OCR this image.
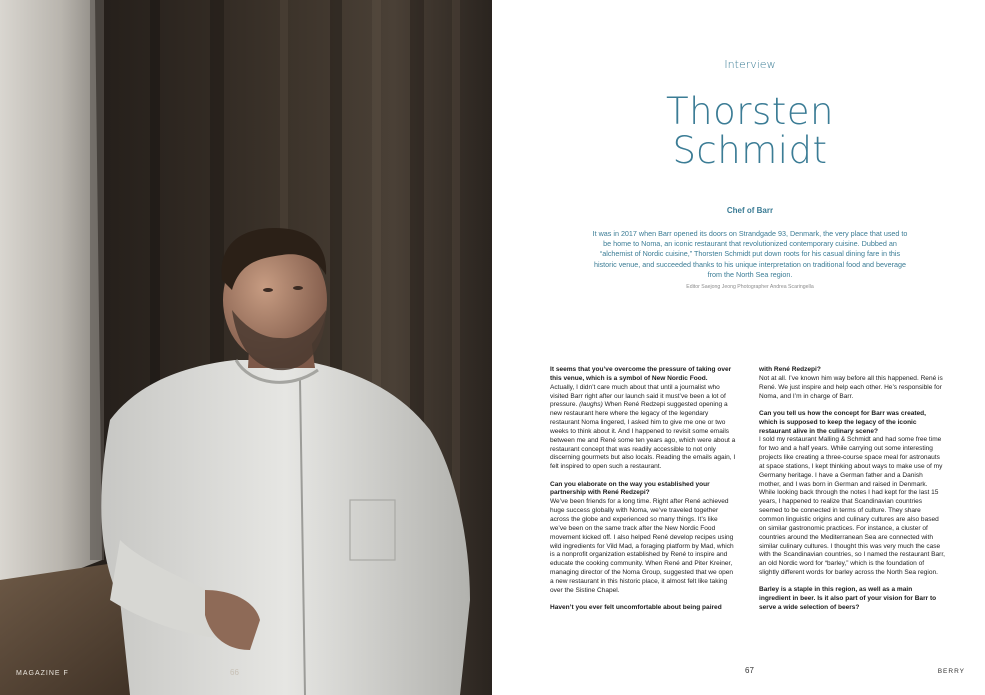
MAGAZINE F	66
Interview
Thorsten
Schmidt
Chef of Barr
It was in 2017 when Barr opened its doors on Strandgade 93, Denmark, the very place that used to be home to Noma, an iconic restaurant that revolutionized contemporary cuisine. Dubbed an “alchemist of Nordic cuisine,” Thorsten Schmidt put down roots for his casual dining fare in this historic venue, and succeeded thanks to his unique interpretation on traditional food and beverage from the North Sea region.
Editor Saejong Jeong Photographer Andrea Scaringella

It seems that you’ve overcome the pressure of taking over this venue, which is a symbol of New Nordic Food.

Actually, I didn’t care much about that until a journalist who visited Barr right after our launch said it must’ve been a lot of pressure. (laughs) When René Redzepi suggested opening a new restaurant here where the legacy of the legendary restaurant Noma lingered, I asked him to give me one or two weeks to think about it. And I happened to revisit some emails between me and René some ten years ago, which were about a restaurant concept that was readily accessible to not only discerning gourmets but also locals. Reading the emails again, I felt inspired to open such a restaurant.

Can you elaborate on the way you established your partnership with René Redzepi?

We’ve been friends for a long time. Right after René achieved huge success globally with Noma, we’ve traveled together across the globe and experienced so many things. It’s like we’ve been on the same track after the New Nordic Food movement kicked off. I also helped René develop recipes using wild ingredients for Vild Mad, a foraging platform by Mad, which is a nonprofit organization established by René to inspire and educate the cooking community. When René and Piter Kreiner, managing director of the Noma Group, suggested that we open a new restaurant in this historic place, it almost felt like taking over the Sistine Chapel.

Haven’t you ever felt uncomfortable about being paired

with René Redzepi?

Not at all. I’ve known him way before all this happened. René is René. We just inspire and help each other. He’s responsible for Noma, and I’m in charge of Barr.

Can you tell us how the concept for Barr was created, which is supposed to keep the legacy of the iconic restaurant alive in the culinary scene?

I sold my restaurant Malling & Schmidt and had some free time for two and a half years. While carrying out some interesting projects like creating a three-course space meal for astronauts at space stations, I kept thinking about ways to make use of my Germany heritage. I have a German father and a Danish mother, and I was born in German and raised in Denmark. While looking back through the notes I had kept for the last 15 years, I happened to realize that Scandinavian countries seemed to be connected in terms of culture. They share common linguistic origins and culinary cultures are also based on similar gastronomic practices. For instance, a cluster of countries around the Mediterranean Sea are connected with similar culinary cultures. I thought this was very much the case with the Scandinavian countries, so I named the restaurant Barr, an old Nordic word for “barley,” which is the foundation of slightly different words for barley across the North Sea region.

Barley is a staple in this region, as well as a main ingredient in beer. Is it also part of your vision for Barr to serve a wide selection of beers?

67	BERRY
